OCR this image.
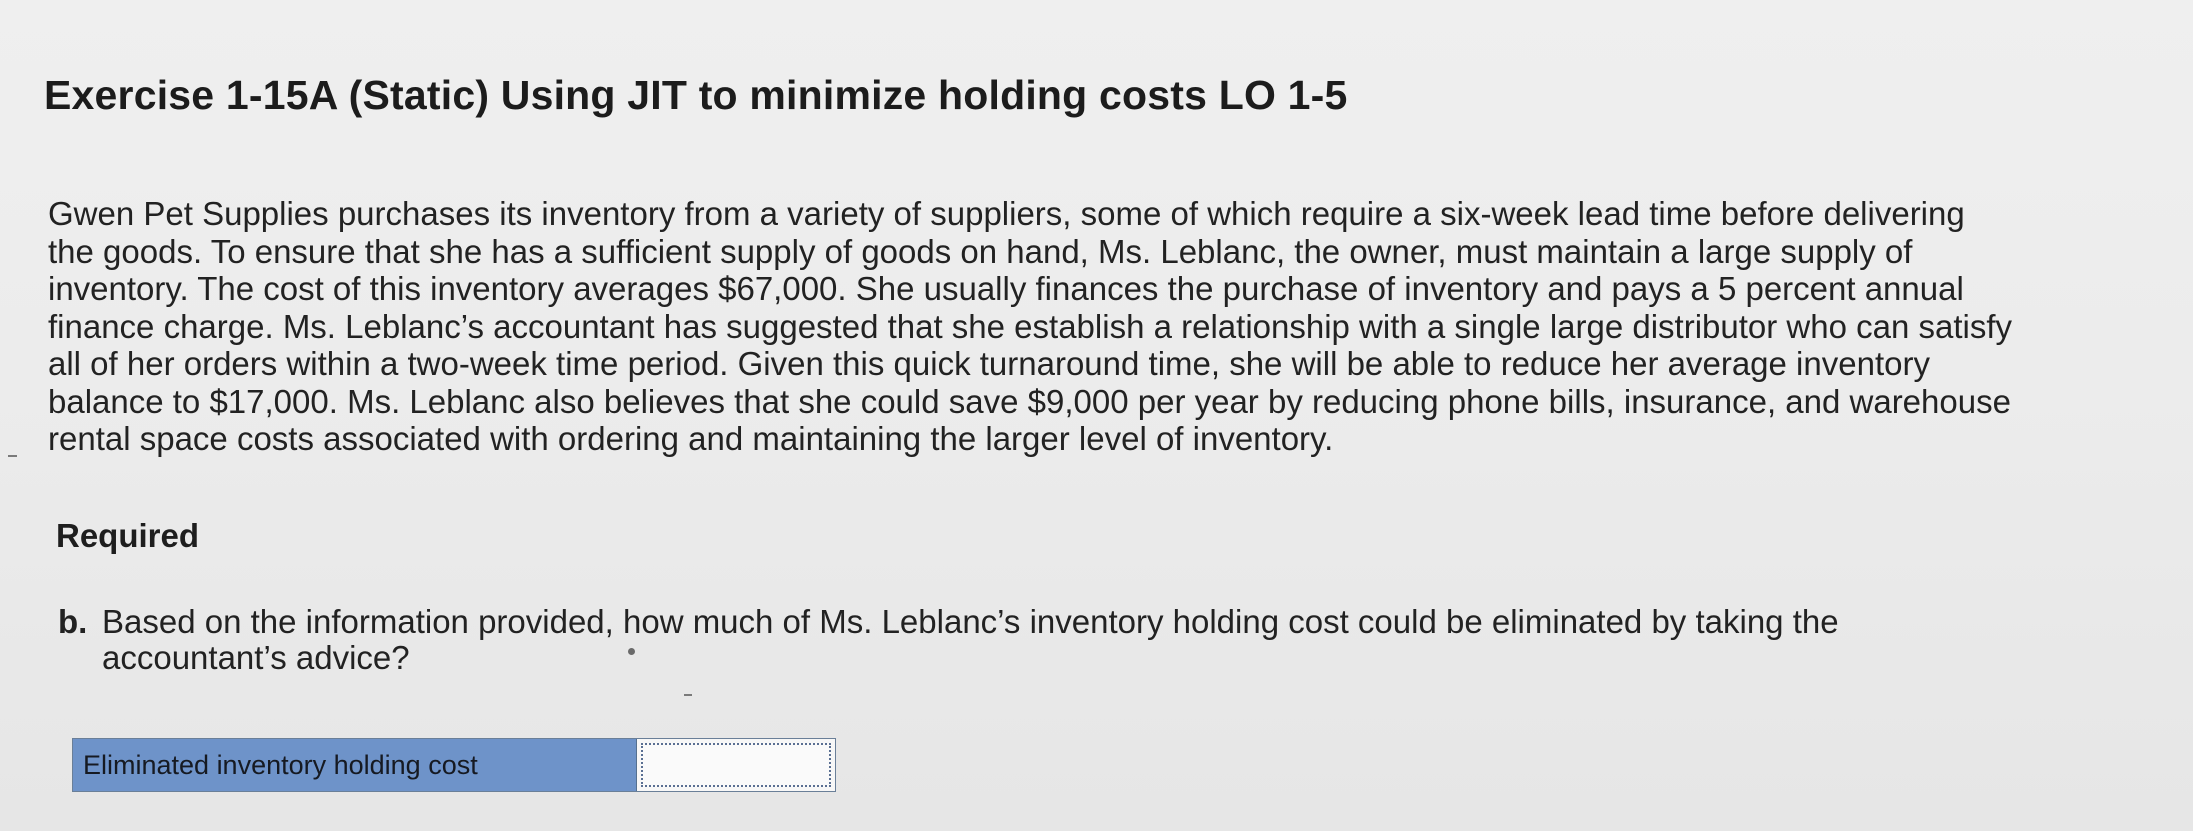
Exercise 1-15A (Static) Using JIT to minimize holding costs LO 1-5
Gwen Pet Supplies purchases its inventory from a variety of suppliers, some of which require a six-week lead time before delivering
the goods. To ensure that she has a sufficient supply of goods on hand, Ms. Leblanc, the owner, must maintain a large supply of
inventory. The cost of this inventory averages $67,000. She usually finances the purchase of inventory and pays a 5 percent annual
finance charge. Ms. Leblanc’s accountant has suggested that she establish a relationship with a single large distributor who can satisfy
all of her orders within a two-week time period. Given this quick turnaround time, she will be able to reduce her average inventory
balance to $17,000. Ms. Leblanc also believes that she could save $9,000 per year by reducing phone bills, insurance, and warehouse
rental space costs associated with ordering and maintaining the larger level of inventory.
Required
b. Based on the information provided, how much of Ms. Leblanc’s inventory holding cost could be eliminated by taking the
accountant’s advice?
Eliminated inventory holding cost
